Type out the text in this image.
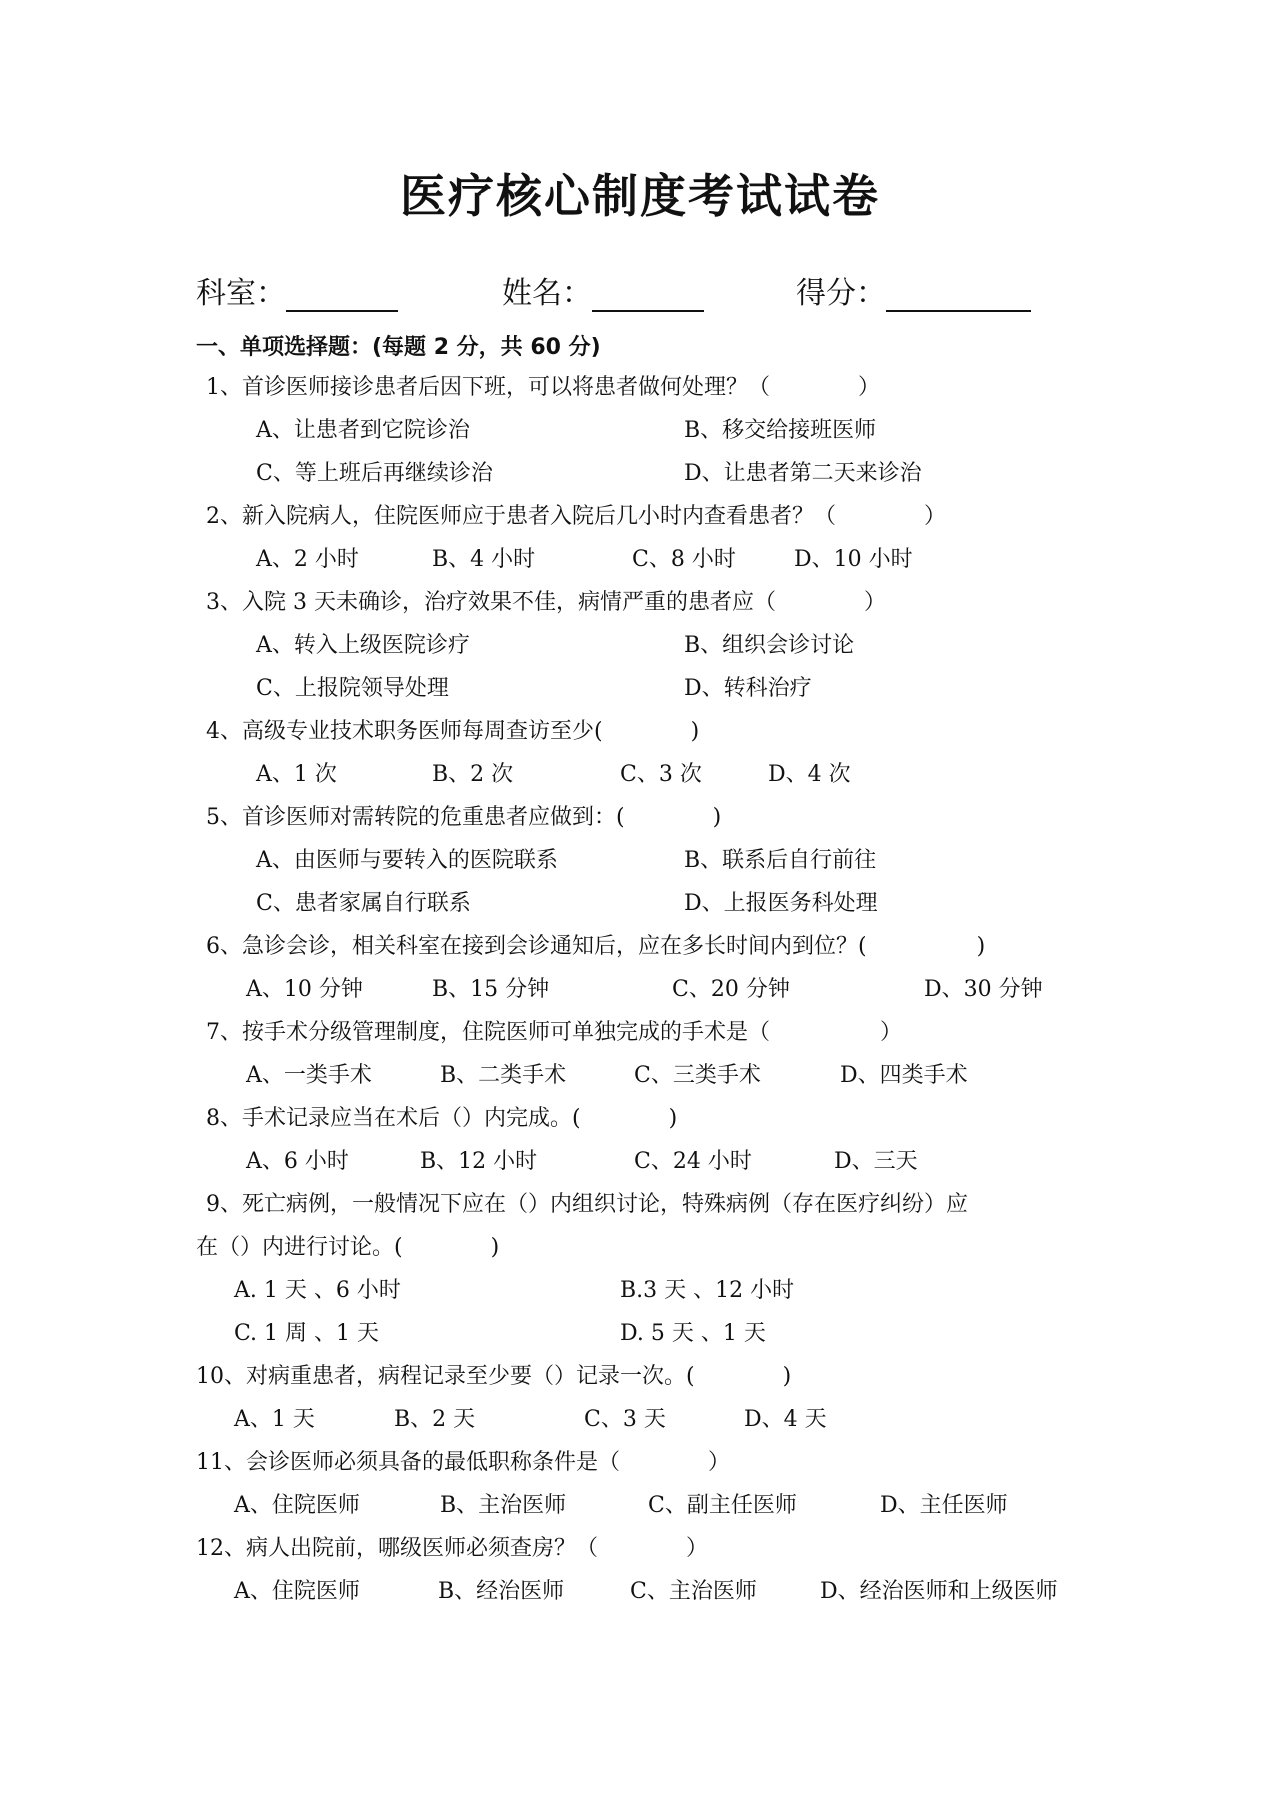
医疗核心制度考试试卷
科室：	姓名：	得分：
一、单项选择题：(每题 2 分，共 60 分)
1、首诊医师接诊患者后因下班，可以将患者做何处理？（　　　　）
A、让患者到它院诊治	B、移交给接班医师
C、等上班后再继续诊治	D、让患者第二天来诊治
2、新入院病人，住院医师应于患者入院后几小时内查看患者？（　　　　）
A、2 小时	B、4 小时	C、8 小时	D、10 小时
3、入院 3 天未确诊，治疗效果不佳，病情严重的患者应（　　　　）
A、转入上级医院诊疗	B、组织会诊讨论
C、上报院领导处理	D、转科治疗
4、高级专业技术职务医师每周查访至少(　　　　)
A、1 次	B、2 次	C、3 次	D、4 次
5、首诊医师对需转院的危重患者应做到：(　　　　)
A、由医师与要转入的医院联系	B、联系后自行前往
C、患者家属自行联系	D、上报医务科处理
6、急诊会诊，相关科室在接到会诊通知后，应在多长时间内到位？(　　　　　)
A、10 分钟	B、15 分钟	C、20 分钟	D、30 分钟
7、按手术分级管理制度，住院医师可单独完成的手术是（　　　　　）
A、一类手术	B、二类手术	C、三类手术	D、四类手术
8、手术记录应当在术后（）内完成。(　　　　)
A、6 小时	B、12 小时	C、24 小时	D、三天
9、死亡病例，一般情况下应在（）内组织讨论，特殊病例（存在医疗纠纷）应
在（）内进行讨论。(　　　　)
A. 1 天 、6 小时	B.3 天 、12 小时
C. 1 周 、1 天	D. 5 天 、1 天
10、对病重患者，病程记录至少要（）记录一次。(　　　　)
A、1 天	B、2 天	C、3 天	D、4 天
11、会诊医师必须具备的最低职称条件是（　　　　）
A、住院医师	B、主治医师	C、副主任医师	D、主任医师
12、病人出院前，哪级医师必须查房？（　　　　）
A、住院医师	B、经治医师	C、主治医师	D、经治医师和上级医师
